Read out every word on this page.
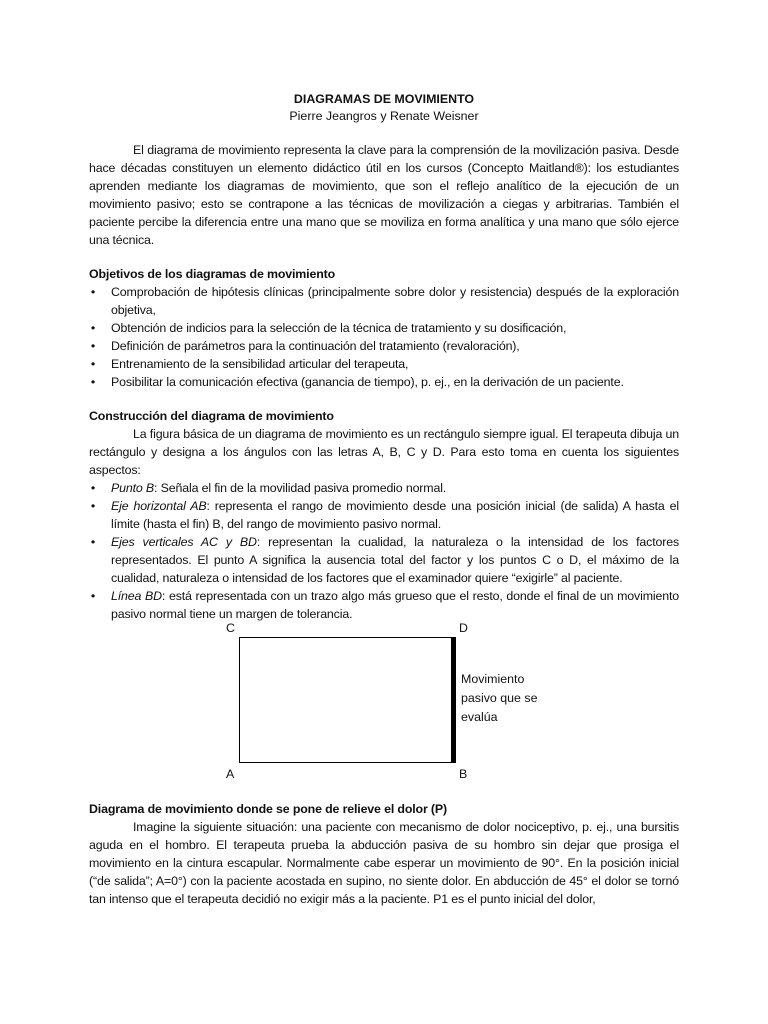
DIAGRAMAS DE MOVIMIENTO
Pierre Jeangros y Renate Weisner

El diagrama de movimiento representa la clave para la comprensión de la movilización pasiva. Desde hace décadas constituyen un elemento didáctico útil en los cursos (Concepto Maitland®): los estudiantes aprenden mediante los diagramas de movimiento, que son el reflejo analítico de la ejecución de un movimiento pasivo; esto se contrapone a las técnicas de movilización a ciegas y arbitrarias. También el paciente percibe la diferencia entre una mano que se moviliza en forma analítica y una mano que sólo ejerce una técnica.

Objetivos de los diagramas de movimiento
• Comprobación de hipótesis clínicas (principalmente sobre dolor y resistencia) después de la exploración objetiva,
• Obtención de indicios para la selección de la técnica de tratamiento y su dosificación,
• Definición de parámetros para la continuación del tratamiento (revaloración),
• Entrenamiento de la sensibilidad articular del terapeuta,
• Posibilitar la comunicación efectiva (ganancia de tiempo), p. ej., en la derivación de un paciente.
Construcción del diagrama de movimiento

La figura básica de un diagrama de movimiento es un rectángulo siempre igual. El terapeuta dibuja un rectángulo y designa a los ángulos con las letras A, B, C y D. Para esto toma en cuenta los siguientes aspectos:

• Punto B: Señala el fin de la movilidad pasiva promedio normal.
• Eje horizontal AB: representa el rango de movimiento desde una posición inicial (de salida) A hasta el límite (hasta el fin) B, del rango de movimiento pasivo normal.
• Ejes verticales AC y BD: representan la cualidad, la naturaleza o la intensidad de los factores representados. El punto A significa la ausencia total del factor y los puntos C o D, el máximo de la cualidad, naturaleza o intensidad de los factores que el examinador quiere “exigirle” al paciente.
• Línea BD: está representada con un trazo algo más grueso que el resto, donde el final de un movimiento pasivo normal tiene un margen de tolerancia.
C	D
Movimiento pasivo que se evalúa
A	B
Diagrama de movimiento donde se pone de relieve el dolor (P)

Imagine la siguiente situación: una paciente con mecanismo de dolor nociceptivo, p. ej., una bursitis aguda en el hombro. El terapeuta prueba la abducción pasiva de su hombro sin dejar que prosiga el movimiento en la cintura escapular. Normalmente cabe esperar un movimiento de 90°. En la posición inicial (“de salida”; A=0°) con la paciente acostada en supino, no siente dolor. En abducción de 45° el dolor se tornó tan intenso que el terapeuta decidió no exigir más a la paciente. P1 es el punto inicial del dolor,
